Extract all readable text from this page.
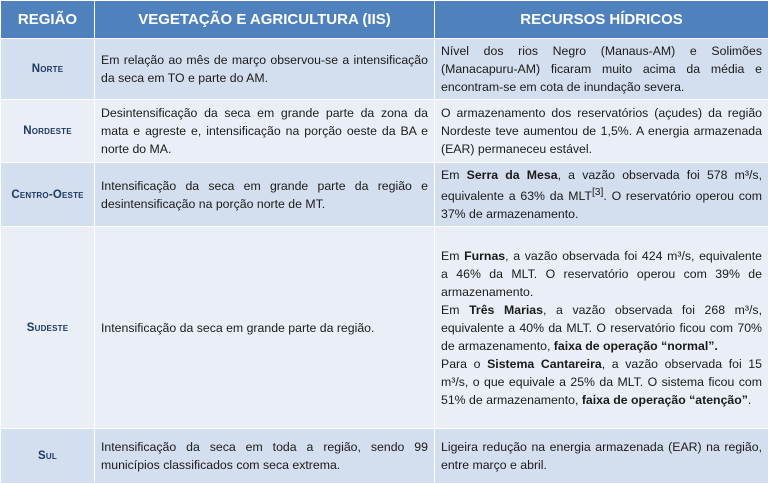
REGIÃO	VEGETAÇÃO E AGRICULTURA (IIS)	RECURSOS HÍDRICOS
Norte	Em relação ao mês de março observou-se a intensificação da seca em TO e parte do AM.	Nível dos rios Negro (Manaus-AM) e Solimões (Manacapuru-AM) ficaram muito acima da média e encontram-se em cota de inundação severa.
Nordeste	Desintensificação da seca em grande parte da zona da mata e agreste e, intensificação na porção oeste da BA e norte do MA.	O armazenamento dos reservatórios (açudes) da região Nordeste teve aumentou de 1,5%. A energia armazenada (EAR) permaneceu estável.
Centro-Oeste	Intensificação da seca em grande parte da região e desintensificação na porção norte de MT.	Em Serra da Mesa, a vazão observada foi 578 m³/s, equivalente a 63% da MLT[3]. O reservatório operou com 37% de armazenamento.
Sudeste	Intensificação da seca em grande parte da região.	Em Furnas, a vazão observada foi 424 m³/s, equivalente a 46% da MLT. O reservatório operou com 39% de armazenamento.

Em Três Marias, a vazão observada foi 268 m³/s, equivalente a 40% da MLT. O reservatório ficou com 70% de armazenamento, faixa de operação “normal”.

Para o Sistema Cantareira, a vazão observada foi 15 m³/s, o que equivale a 25% da MLT. O sistema ficou com 51% de armazenamento, faixa de operação “atenção”.

Sul	Intensificação da seca em toda a região, sendo 99 municípios classificados com seca extrema.	Ligeira redução na energia armazenada (EAR) na região, entre março e abril.
